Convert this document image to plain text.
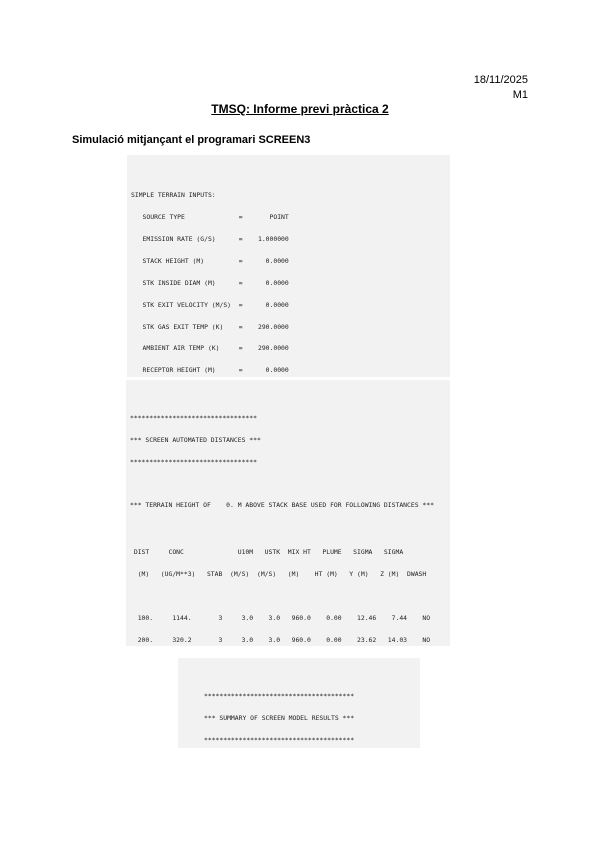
18/11/2025
M1
TMSQ: Informe previ pràctica 2
Simulació mitjançant el programari SCREEN3

SIMPLE TERRAIN INPUTS:

SOURCE TYPE              =       POINT

EMISSION RATE (G/S)      =    1.000000

STACK HEIGHT (M)         =      0.0000

STK INSIDE DIAM (M)      =      0.0000

STK EXIT VELOCITY (M/S)  =      0.0000

STK GAS EXIT TEMP (K)    =    290.0000

AMBIENT AIR TEMP (K)     =    290.0000

RECEPTOR HEIGHT (M)      =      0.0000

*********************************

*** SCREEN AUTOMATED DISTANCES ***

*********************************

*** TERRAIN HEIGHT OF    0. M ABOVE STACK BASE USED FOR FOLLOWING DISTANCES ***

DIST     CONC              U10M   USTK  MIX HT   PLUME   SIGMA   SIGMA

(M)   (UG/M**3)   STAB  (M/S)  (M/S)   (M)    HT (M)   Y (M)   Z (M)  DWASH

100.     1144.       3     3.0    3.0   960.0    0.00    12.46    7.44    NO

200.     320.2       3     3.0    3.0   960.0    0.00    23.62   14.03    NO

***************************************

*** SUMMARY OF SCREEN MODEL RESULTS ***

***************************************
